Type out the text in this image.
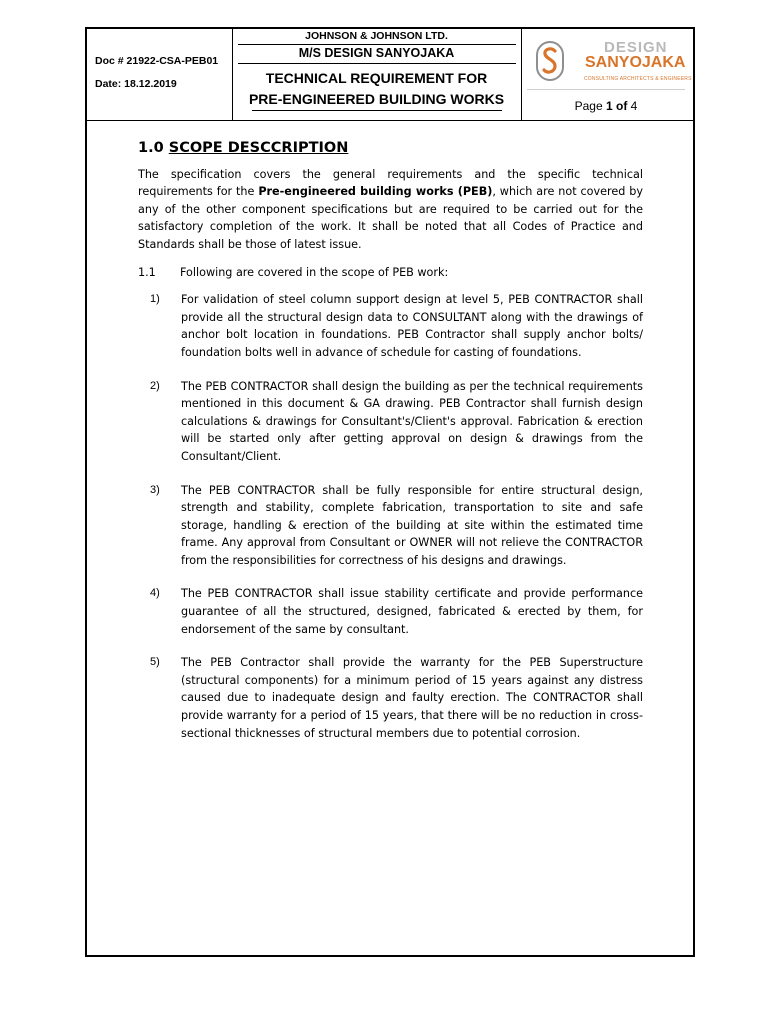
Doc # 21922-CSA-PEB01
Date: 18.12.2019
JOHNSON & JOHNSON LTD.
M/S DESIGN SANYOJAKA
TECHNICAL REQUIREMENT FOR
PRE-ENGINEERED BUILDING WORKS
DESIGN
SANYOJAKA
CONSULTING ARCHITECTS & ENGINEERS
Page 1 of 4
1.0 SCOPE DESCCRIPTION

The specification covers the general requirements and the specific technical requirements for the Pre-engineered building works (PEB), which are not covered by any of the other component specifications but are required to be carried out for the satisfactory completion of the work. It shall be noted that all Codes of Practice and Standards shall be those of latest issue.

1.1	Following are covered in the scope of PEB work:
1)	For validation of steel column support design at level 5, PEB CONTRACTOR shall provide all the structural design data to CONSULTANT along with the drawings of anchor bolt location in foundations. PEB Contractor shall supply anchor bolts/ foundation bolts well in advance of schedule for casting of foundations.
2)	The PEB CONTRACTOR shall design the building as per the technical requirements mentioned in this document & GA drawing. PEB Contractor shall furnish design calculations & drawings for Consultant's/Client's approval. Fabrication & erection will be started only after getting approval on design & drawings from the Consultant/Client.
3)	The PEB CONTRACTOR shall be fully responsible for entire structural design, strength and stability, complete fabrication, transportation to site and safe storage, handling & erection of the building at site within the estimated time frame. Any approval from Consultant or OWNER will not relieve the CONTRACTOR from the responsibilities for correctness of his designs and drawings.
4)	The PEB CONTRACTOR shall issue stability certificate and provide performance guarantee of all the structured, designed, fabricated & erected by them, for endorsement of the same by consultant.
5)	The PEB Contractor shall provide the warranty for the PEB Superstructure (structural components) for a minimum period of 15 years against any distress caused due to inadequate design and faulty erection. The CONTRACTOR shall provide warranty for a period of 15 years, that there will be no reduction in cross-sectional thicknesses of structural members due to potential corrosion.
